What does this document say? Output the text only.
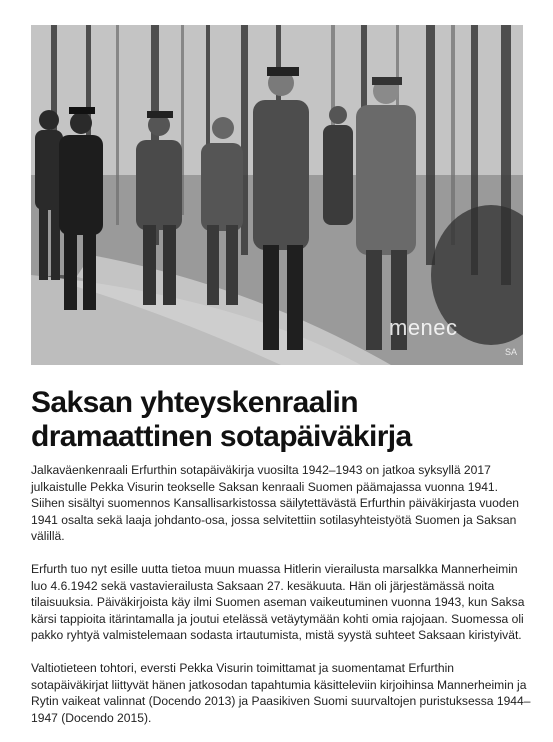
menec
SA
Saksan yhteyskenraalin
dramaattinen sotapäiväkirja

Jalkaväenkenraali Erfurthin sotapäiväkirja vuosilta 1942–1943 on jatkoa syksyllä 2017 julkaistulle Pekka Visurin teokselle Saksan kenraali Suomen päämajassa vuonna 1941. Siihen sisältyi suomennos Kansallisarkistossa säilytettävästä Erfurthin päiväkirjasta vuoden 1941 osalta sekä laaja johdanto-osa, jossa selvitettiin sotilasyhteistyötä Suomen ja Saksan välillä.

Erfurth tuo nyt esille uutta tietoa muun muassa Hitlerin vierailusta marsalkka Mannerheimin luo 4.6.1942 sekä vastavierailusta Saksaan 27. kesäkuuta. Hän oli järjestämässä noita tilaisuuksia. Päiväkirjoista käy ilmi Suomen aseman vaikeutuminen vuonna 1943, kun Saksa kärsi tappioita itärintamalla ja joutui etelässä vetäytymään kohti omia rajojaan. Suomessa oli pakko ryhtyä valmistelemaan sodasta irtautumista, mistä syystä suhteet Saksaan kiristyivät.

Valtiotieteen tohtori, eversti Pekka Visurin toimittamat ja suomentamat Erfurthin sotapäiväkirjat liittyvät hänen jatkosodan tapahtumia käsitteleviin kirjoihinsa Mannerheimin ja Rytin vaikeat valinnat (Docendo 2013) ja Paasikiven Suomi suurvaltojen puristuksessa 1944–1947 (Docendo 2015).
